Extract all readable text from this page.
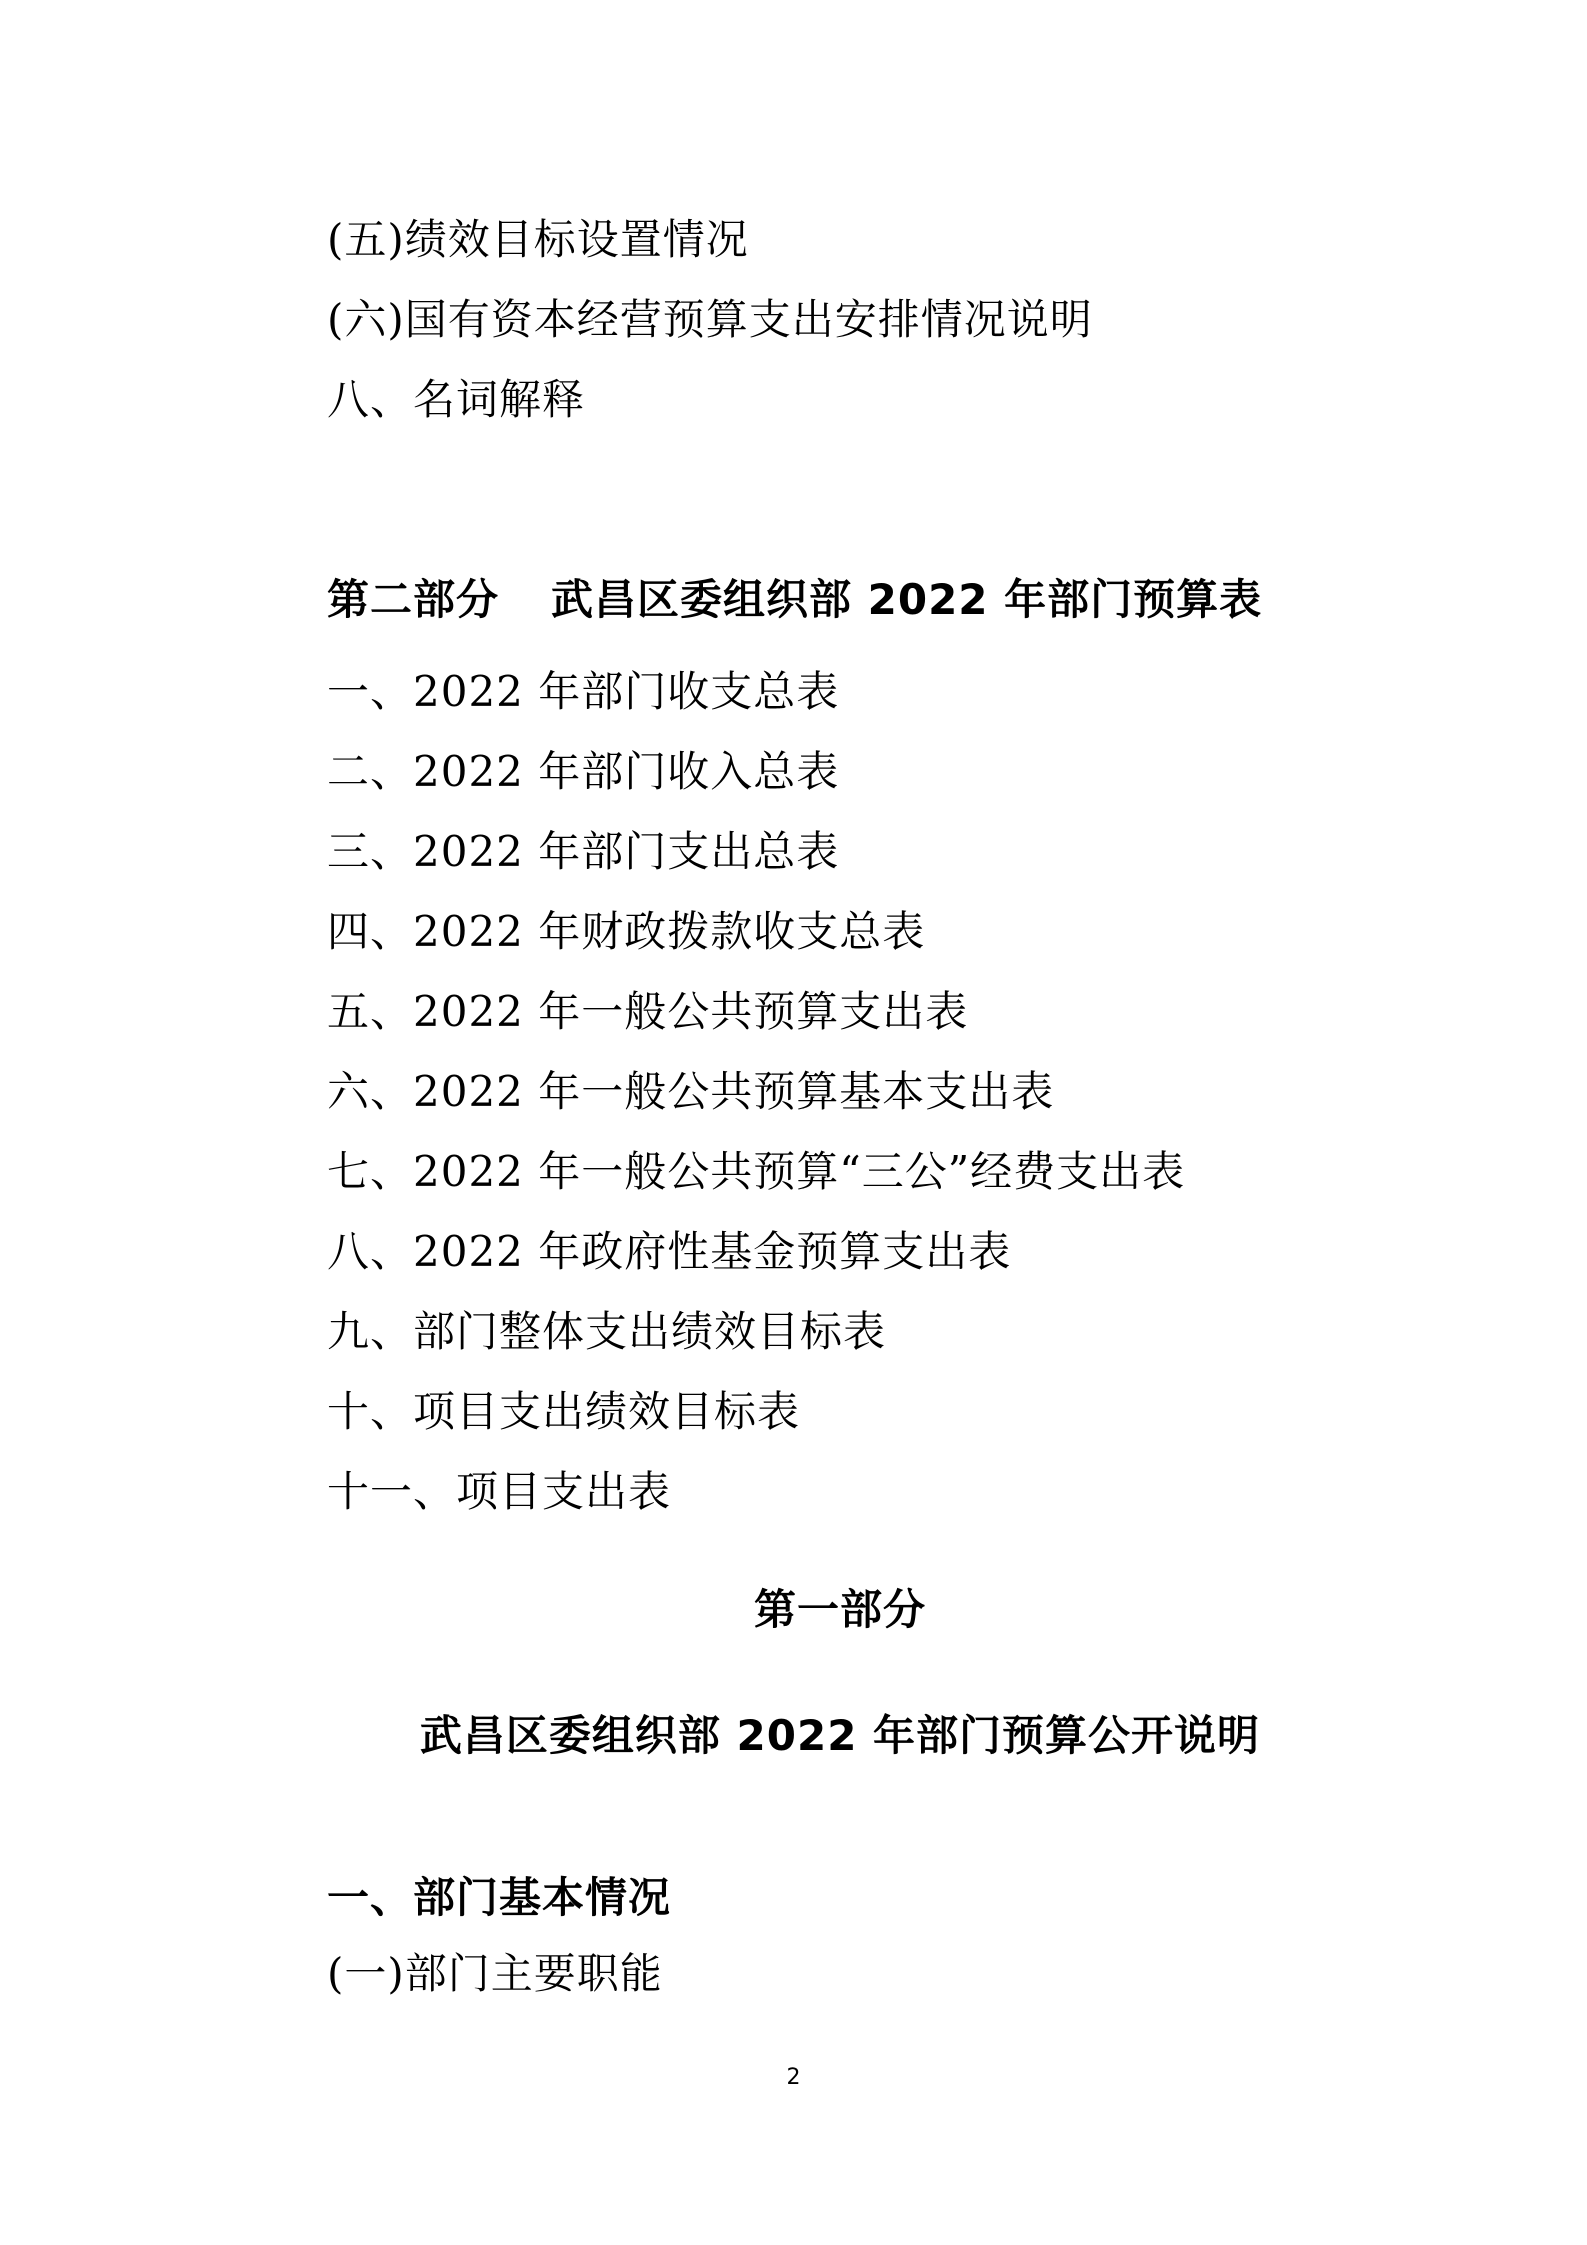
(五)绩效目标设置情况
(六)国有资本经营预算支出安排情况说明
八、名词解释
第二部分 武昌区委组织部 2022 年部门预算表
一、2022 年部门收支总表
二、2022 年部门收入总表
三、2022 年部门支出总表
四、2022 年财政拨款收支总表
五、2022 年一般公共预算支出表
六、2022 年一般公共预算基本支出表
七、2022 年一般公共预算“三公”经费支出表
八、2022 年政府性基金预算支出表
九、部门整体支出绩效目标表
十、项目支出绩效目标表
十一、项目支出表
第一部分
武昌区委组织部 2022 年部门预算公开说明
一、部门基本情况
(一)部门主要职能
2
